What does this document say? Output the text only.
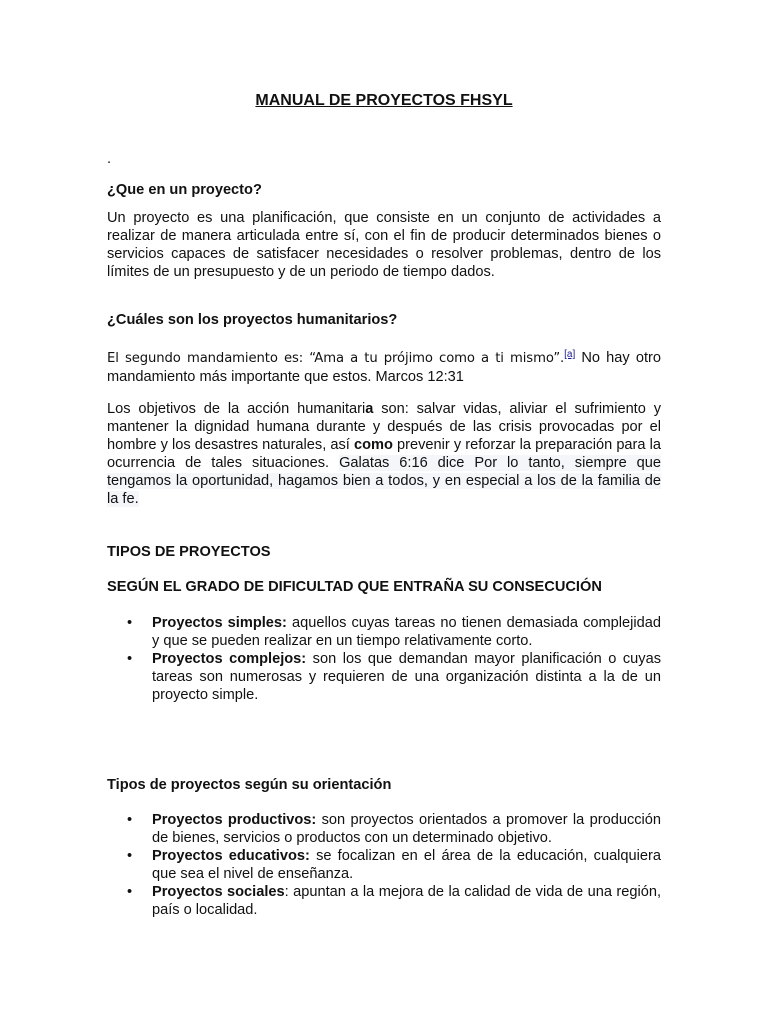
MANUAL DE PROYECTOS FHSYL
.
¿Que en un proyecto?
Un proyecto es una planificación, que consiste en un conjunto de actividades a realizar de manera articulada entre sí, con el fin de producir determinados bienes o servicios capaces de satisfacer necesidades o resolver problemas, dentro de los límites de un presupuesto y de un periodo de tiempo dados.
¿Cuáles son los proyectos humanitarios?
El segundo mandamiento es: “Ama a tu prójimo como a ti mismo”.[a] No hay otro mandamiento más importante que estos. Marcos 12:31
Los objetivos de la acción humanitaria son: salvar vidas, aliviar el sufrimiento y mantener la dignidad humana durante y después de las crisis provocadas por el hombre y los desastres naturales, así como prevenir y reforzar la preparación para la ocurrencia de tales situaciones. Galatas 6:16 dice Por lo tanto, siempre que tengamos la oportunidad, hagamos bien a todos, y en especial a los de la familia de la fe.
TIPOS DE PROYECTOS
SEGÚN EL GRADO DE DIFICULTAD QUE ENTRAÑA SU CONSECUCIÓN
• Proyectos simples: aquellos cuyas tareas no tienen demasiada complejidad y que se pueden realizar en un tiempo relativamente corto.
• Proyectos complejos: son los que demandan mayor planificación o cuyas tareas son numerosas y requieren de una organización distinta a la de un proyecto simple.
Tipos de proyectos según su orientación
• Proyectos productivos: son proyectos orientados a promover la producción de bienes, servicios o productos con un determinado objetivo.
• Proyectos educativos: se focalizan en el área de la educación, cualquiera que sea el nivel de enseñanza.
• Proyectos sociales: apuntan a la mejora de la calidad de vida de una región, país o localidad.
